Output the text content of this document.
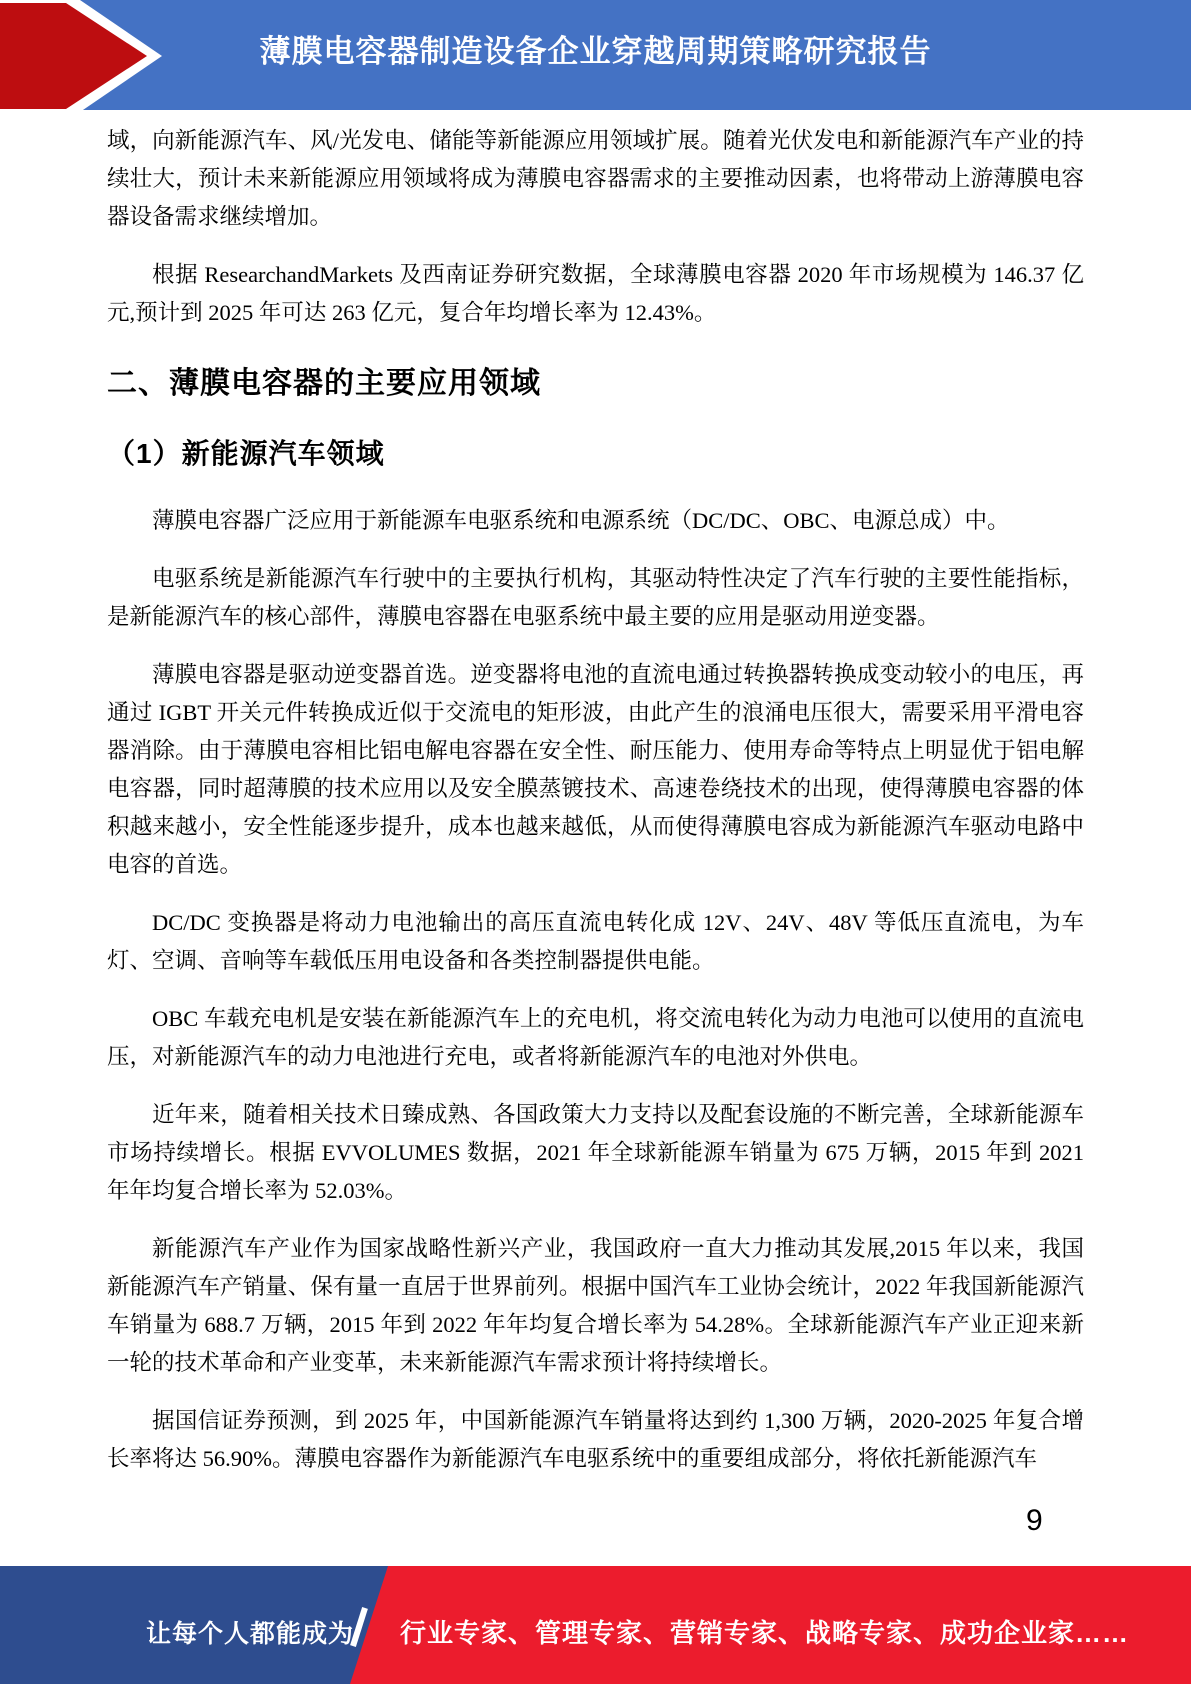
薄膜电容器制造设备企业穿越周期策略研究报告

域，向新能源汽车、风/光发电、储能等新能源应用领域扩展。随着光伏发电和新能源汽车产业的持续壮大，预计未来新能源应用领域将成为薄膜电容器需求的主要推动因素，也将带动上游薄膜电容器设备需求继续增加。

根据 ResearchandMarkets 及西南证券研究数据，全球薄膜电容器 2020 年市场规模为 146.37 亿元,预计到 2025 年可达 263 亿元，复合年均增长率为 12.43%。

二、薄膜电容器的主要应用领域
（1）新能源汽车领域

薄膜电容器广泛应用于新能源车电驱系统和电源系统（DC/DC、OBC、电源总成）中。

电驱系统是新能源汽车行驶中的主要执行机构，其驱动特性决定了汽车行驶的主要性能指标，是新能源汽车的核心部件，薄膜电容器在电驱系统中最主要的应用是驱动用逆变器。

薄膜电容器是驱动逆变器首选。逆变器将电池的直流电通过转换器转换成变动较小的电压，再通过 IGBT 开关元件转换成近似于交流电的矩形波，由此产生的浪涌电压很大，需要采用平滑电容器消除。由于薄膜电容相比铝电解电容器在安全性、耐压能力、使用寿命等特点上明显优于铝电解电容器，同时超薄膜的技术应用以及安全膜蒸镀技术、高速卷绕技术的出现，使得薄膜电容器的体积越来越小，安全性能逐步提升，成本也越来越低，从而使得薄膜电容成为新能源汽车驱动电路中电容的首选。

DC/DC 变换器是将动力电池输出的高压直流电转化成 12V、24V、48V 等低压直流电，为车灯、空调、音响等车载低压用电设备和各类控制器提供电能。

OBC 车载充电机是安装在新能源汽车上的充电机，将交流电转化为动力电池可以使用的直流电压，对新能源汽车的动力电池进行充电，或者将新能源汽车的电池对外供电。

近年来，随着相关技术日臻成熟、各国政策大力支持以及配套设施的不断完善，全球新能源车市场持续增长。根据 EVVOLUMES 数据，2021 年全球新能源车销量为 675 万辆，2015 年到 2021 年年均复合增长率为 52.03%。

新能源汽车产业作为国家战略性新兴产业，我国政府一直大力推动其发展,2015 年以来，我国新能源汽车产销量、保有量一直居于世界前列。根据中国汽车工业协会统计，2022 年我国新能源汽车销量为 688.7 万辆，2015 年到 2022 年年均复合增长率为 54.28%。全球新能源汽车产业正迎来新一轮的技术革命和产业变革，未来新能源汽车需求预计将持续增长。

据国信证券预测，到 2025 年，中国新能源汽车销量将达到约 1,300 万辆，2020-2025 年复合增长率将达 56.90%。薄膜电容器作为新能源汽车电驱系统中的重要组成部分，将依托新能源汽车

9
让每个人都能成为 行业专家、管理专家、营销专家、战略专家、成功企业家……
